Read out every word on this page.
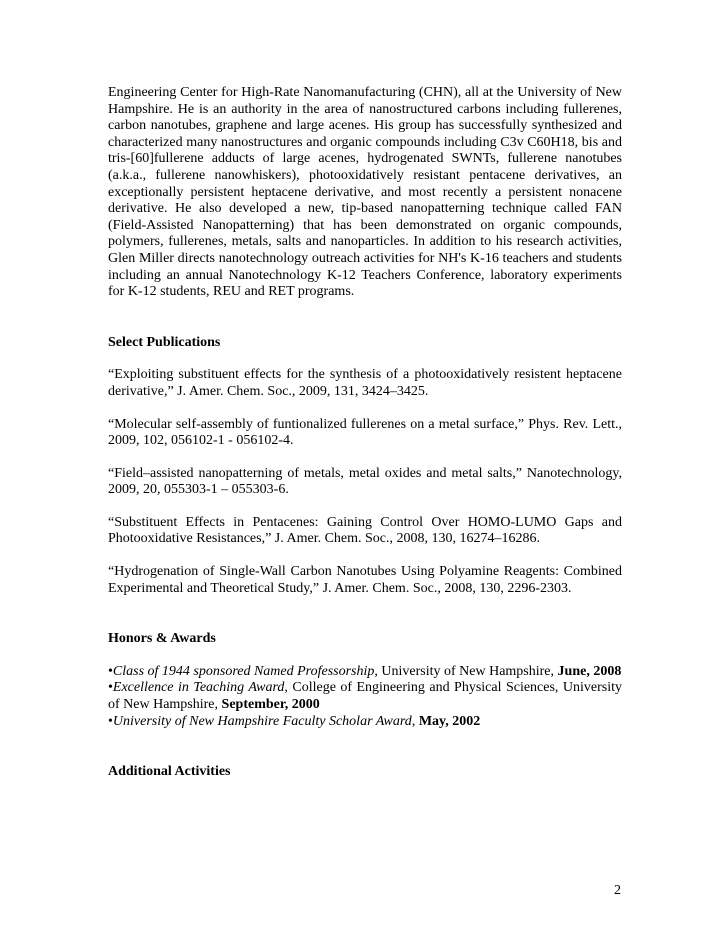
Engineering Center for High-Rate Nanomanufacturing (CHN), all at the University of New Hampshire. He is an authority in the area of nanostructured carbons including fullerenes, carbon nanotubes, graphene and large acenes. His group has successfully synthesized and characterized many nanostructures and organic compounds including C3v C60H18, bis and tris-[60]fullerene adducts of large acenes, hydrogenated SWNTs, fullerene nanotubes (a.k.a., fullerene nanowhiskers), photooxidatively resistant pentacene derivatives, an exceptionally persistent heptacene derivative, and most recently a persistent nonacene derivative. He also developed a new, tip-based nanopatterning technique called FAN (Field-Assisted Nanopatterning) that has been demonstrated on organic compounds, polymers, fullerenes, metals, salts and nanoparticles. In addition to his research activities, Glen Miller directs nanotechnology outreach activities for NH's K-16 teachers and students including an annual Nanotechnology K-12 Teachers Conference, laboratory experiments for K-12 students, REU and RET programs.

Select Publications

“Exploiting substituent effects for the synthesis of a photooxidatively resistent heptacene derivative,” J. Amer. Chem. Soc., 2009, 131, 3424–3425.

“Molecular self-assembly of funtionalized fullerenes on a metal surface,” Phys. Rev. Lett., 2009, 102, 056102-1 - 056102-4.

“Field–assisted nanopatterning of metals, metal oxides and metal salts,” Nanotechnology, 2009, 20, 055303-1 – 055303-6.

“Substituent Effects in Pentacenes: Gaining Control Over HOMO-LUMO Gaps and Photooxidative Resistances,” J. Amer. Chem. Soc., 2008, 130, 16274–16286.

“Hydrogenation of Single-Wall Carbon Nanotubes Using Polyamine Reagents: Combined Experimental and Theoretical Study,” J. Amer. Chem. Soc., 2008, 130, 2296-2303.

Honors & Awards

•Class of 1944 sponsored Named Professorship, University of New Hampshire, June, 2008

•Excellence in Teaching Award, College of Engineering and Physical Sciences, University of New Hampshire, September, 2000

•University of New Hampshire Faculty Scholar Award, May, 2002

Additional Activities

2
